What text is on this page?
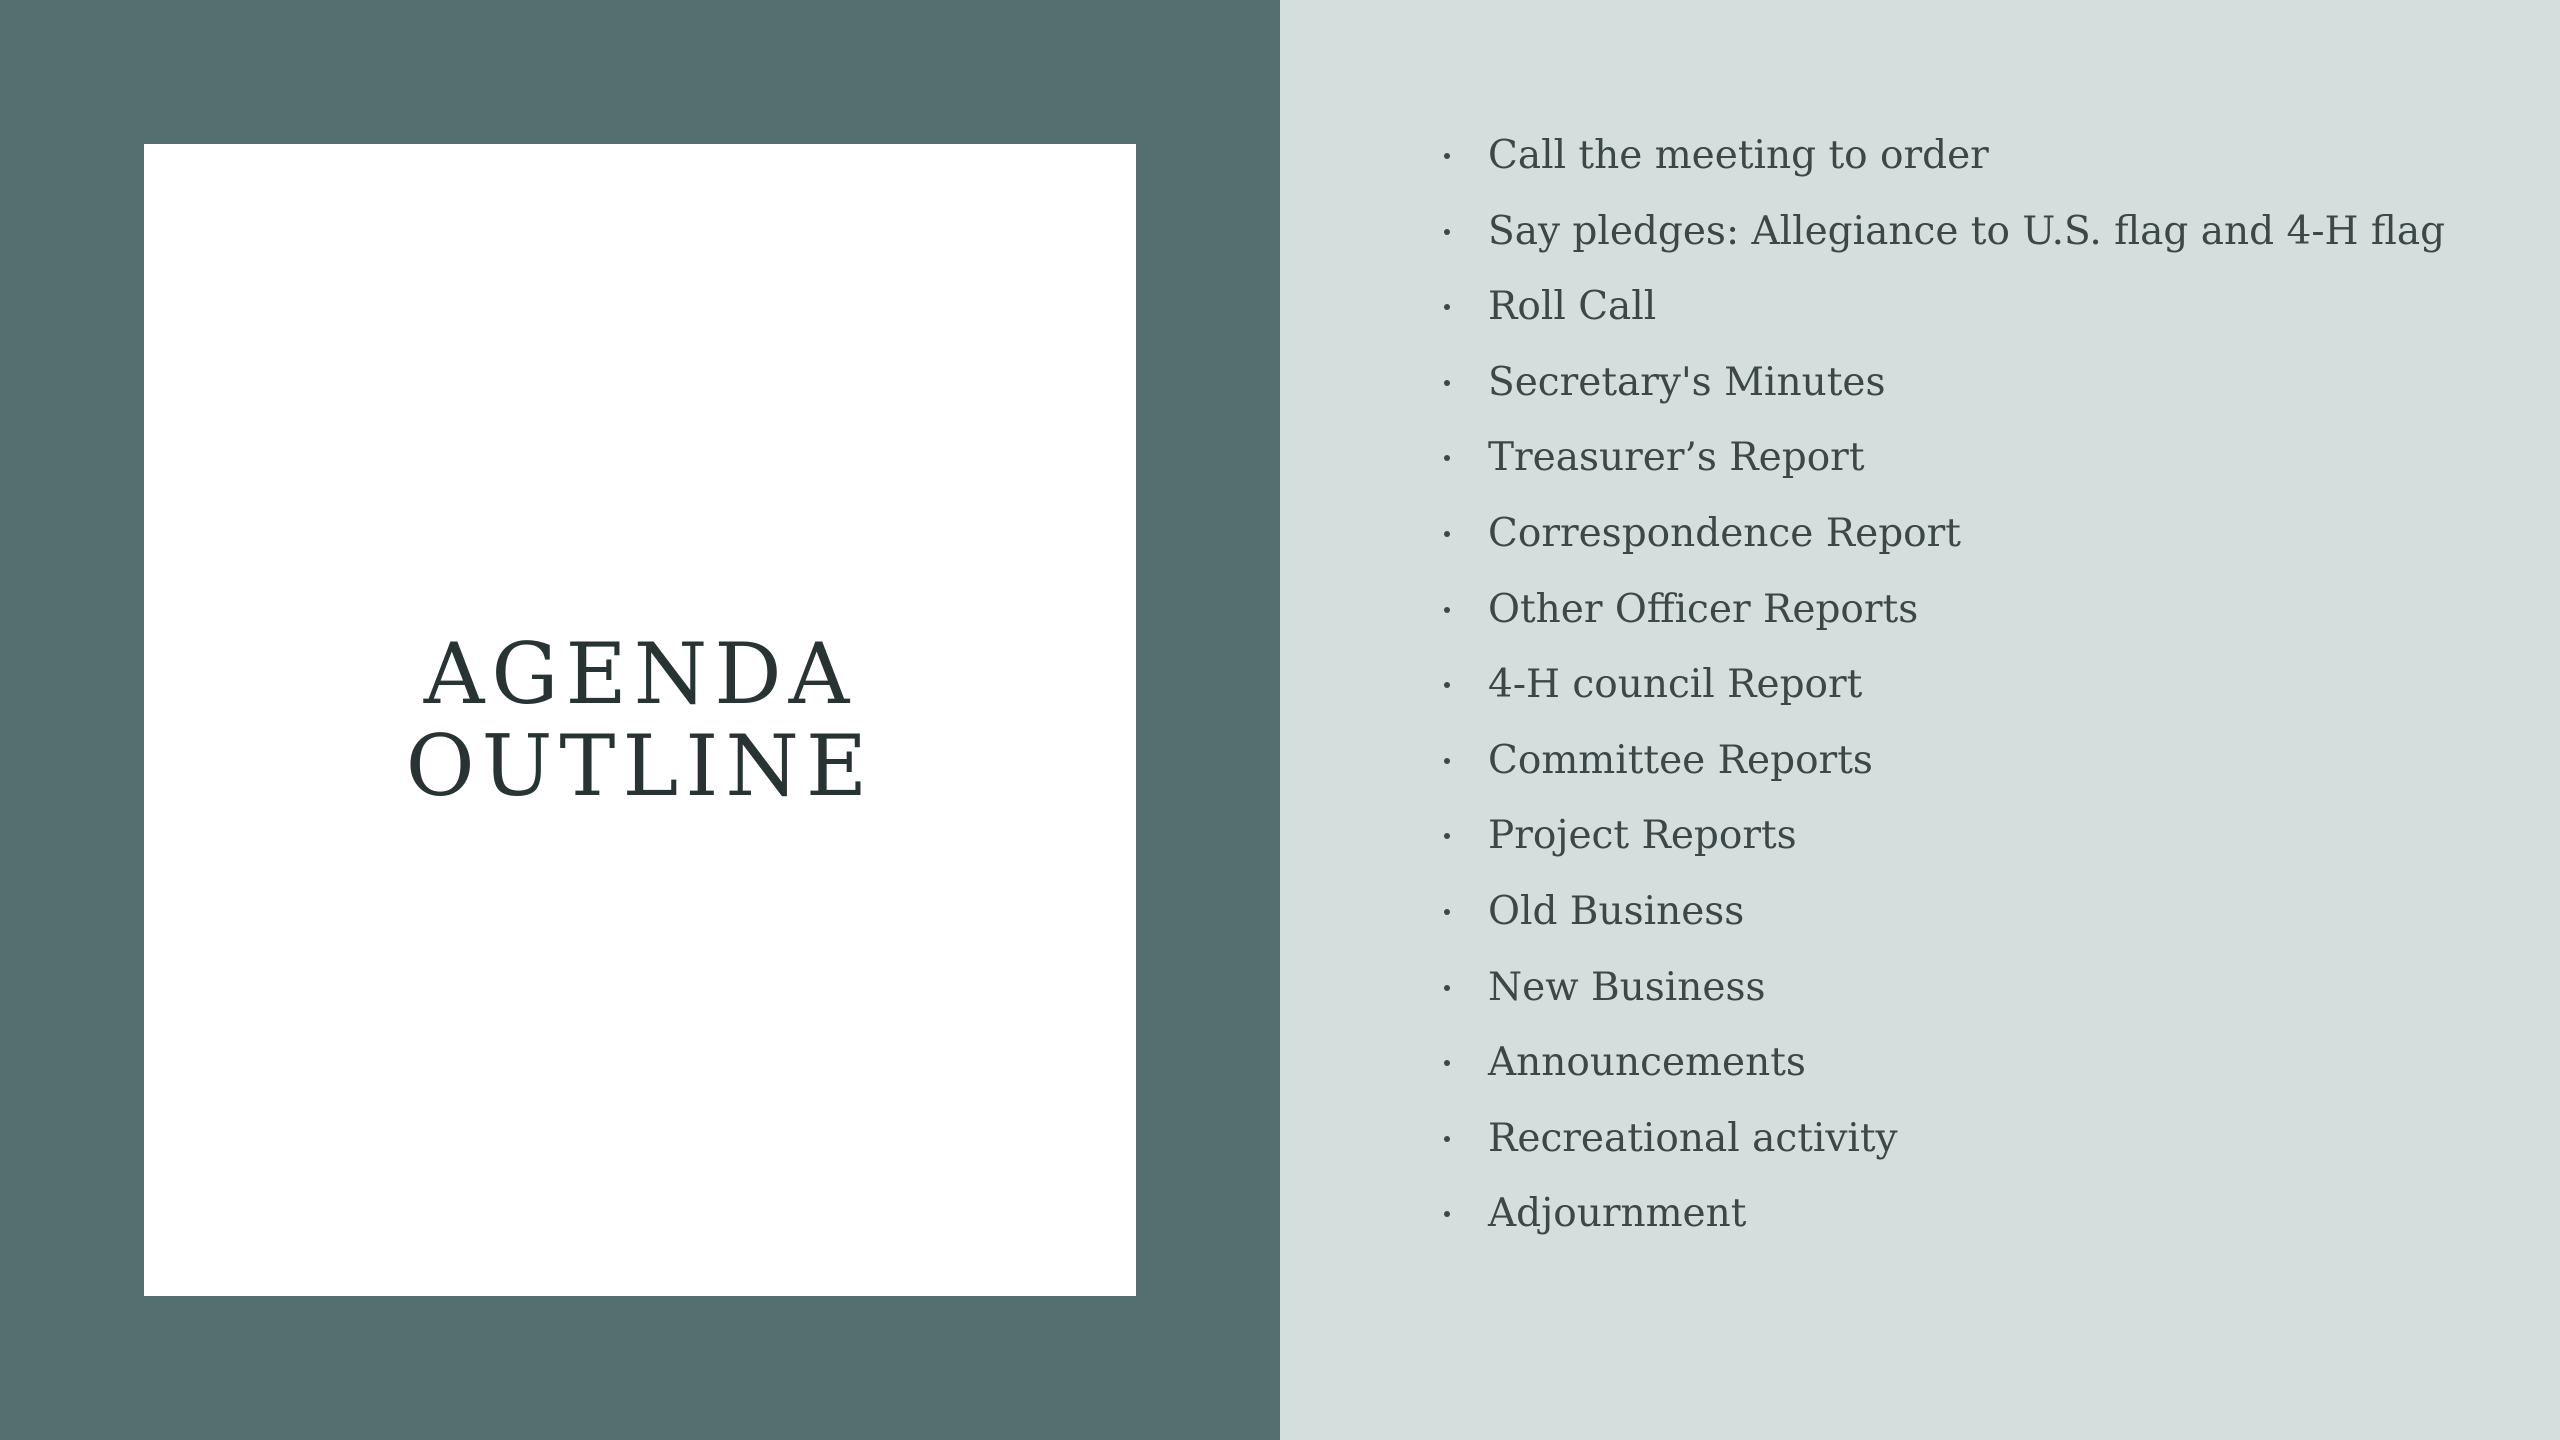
AGENDA
OUTLINE
Call the meeting to order
Say pledges: Allegiance to U.S. flag and 4-H flag
Roll Call
Secretary's Minutes
Treasurer’s Report
Correspondence Report
Other Officer Reports
4-H council Report
Committee Reports
Project Reports
Old Business
New Business
Announcements
Recreational activity
Adjournment
